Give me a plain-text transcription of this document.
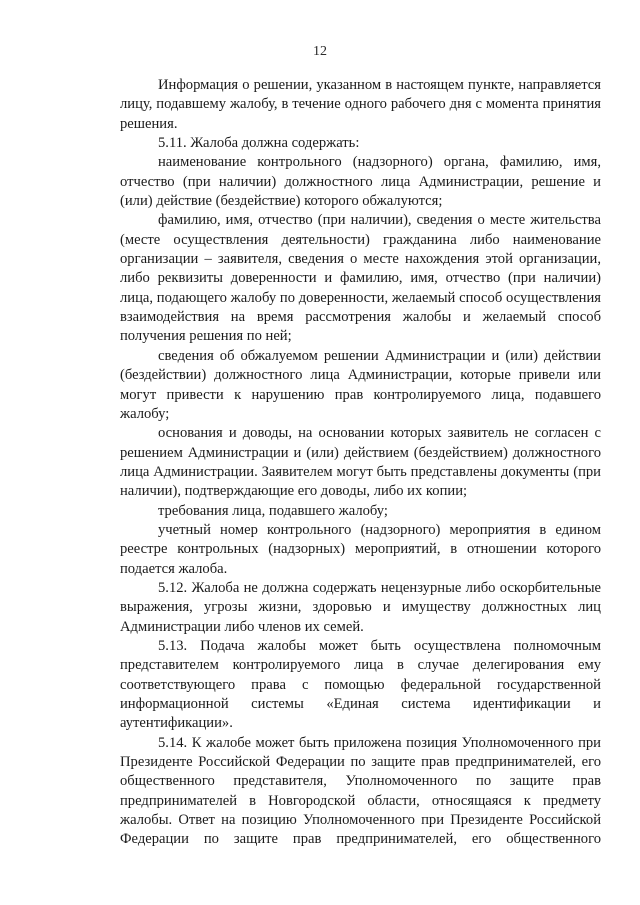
12

Информация о решении, указанном в настоящем пункте, направляется лицу, подавшему жалобу, в течение одного рабочего дня с момента принятия решения.

5.11. Жалоба должна содержать:

наименование контрольного (надзорного) органа, фамилию, имя, отчество (при наличии) должностного лица Администрации, решение и (или) действие (бездействие) которого обжалуются;

фамилию, имя, отчество (при наличии), сведения о месте жительства (месте осуществления деятельности) гражданина либо наименование организации – заявителя, сведения о месте нахождения этой организации, либо реквизиты доверенности и фамилию, имя, отчество (при наличии) лица, подающего жалобу по доверенности, желаемый способ осуществления взаимодействия на время рассмотрения жалобы и желаемый способ получения решения по ней;

сведения об обжалуемом решении Администрации и (или) действии (бездействии) должностного лица Администрации, которые привели или могут привести к нарушению прав контролируемого лица, подавшего жалобу;

основания и доводы, на основании которых заявитель не согласен с решением Администрации и (или) действием (бездействием) должностного лица Администрации. Заявителем могут быть представлены документы (при наличии), подтверждающие его доводы, либо их копии;

требования лица, подавшего жалобу;

учетный номер контрольного (надзорного) мероприятия в едином реестре контрольных (надзорных) мероприятий, в отношении которого подается жалоба.

5.12. Жалоба не должна содержать нецензурные либо оскорбительные выражения, угрозы жизни, здоровью и имуществу должностных лиц Администрации либо членов их семей.

5.13. Подача жалобы может быть осуществлена полномочным представителем контролируемого лица в случае делегирования ему соответствующего права с помощью федеральной государственной информационной системы «Единая система идентификации и аутентификации».

5.14. К жалобе может быть приложена позиция Уполномоченного при Президенте Российской Федерации по защите прав предпринимателей, его общественного представителя, Уполномоченного по защите прав предпринимателей в Новгородской области, относящаяся к предмету жалобы. Ответ на позицию Уполномоченного при Президенте Российской Федерации по защите прав предпринимателей, его общественного
